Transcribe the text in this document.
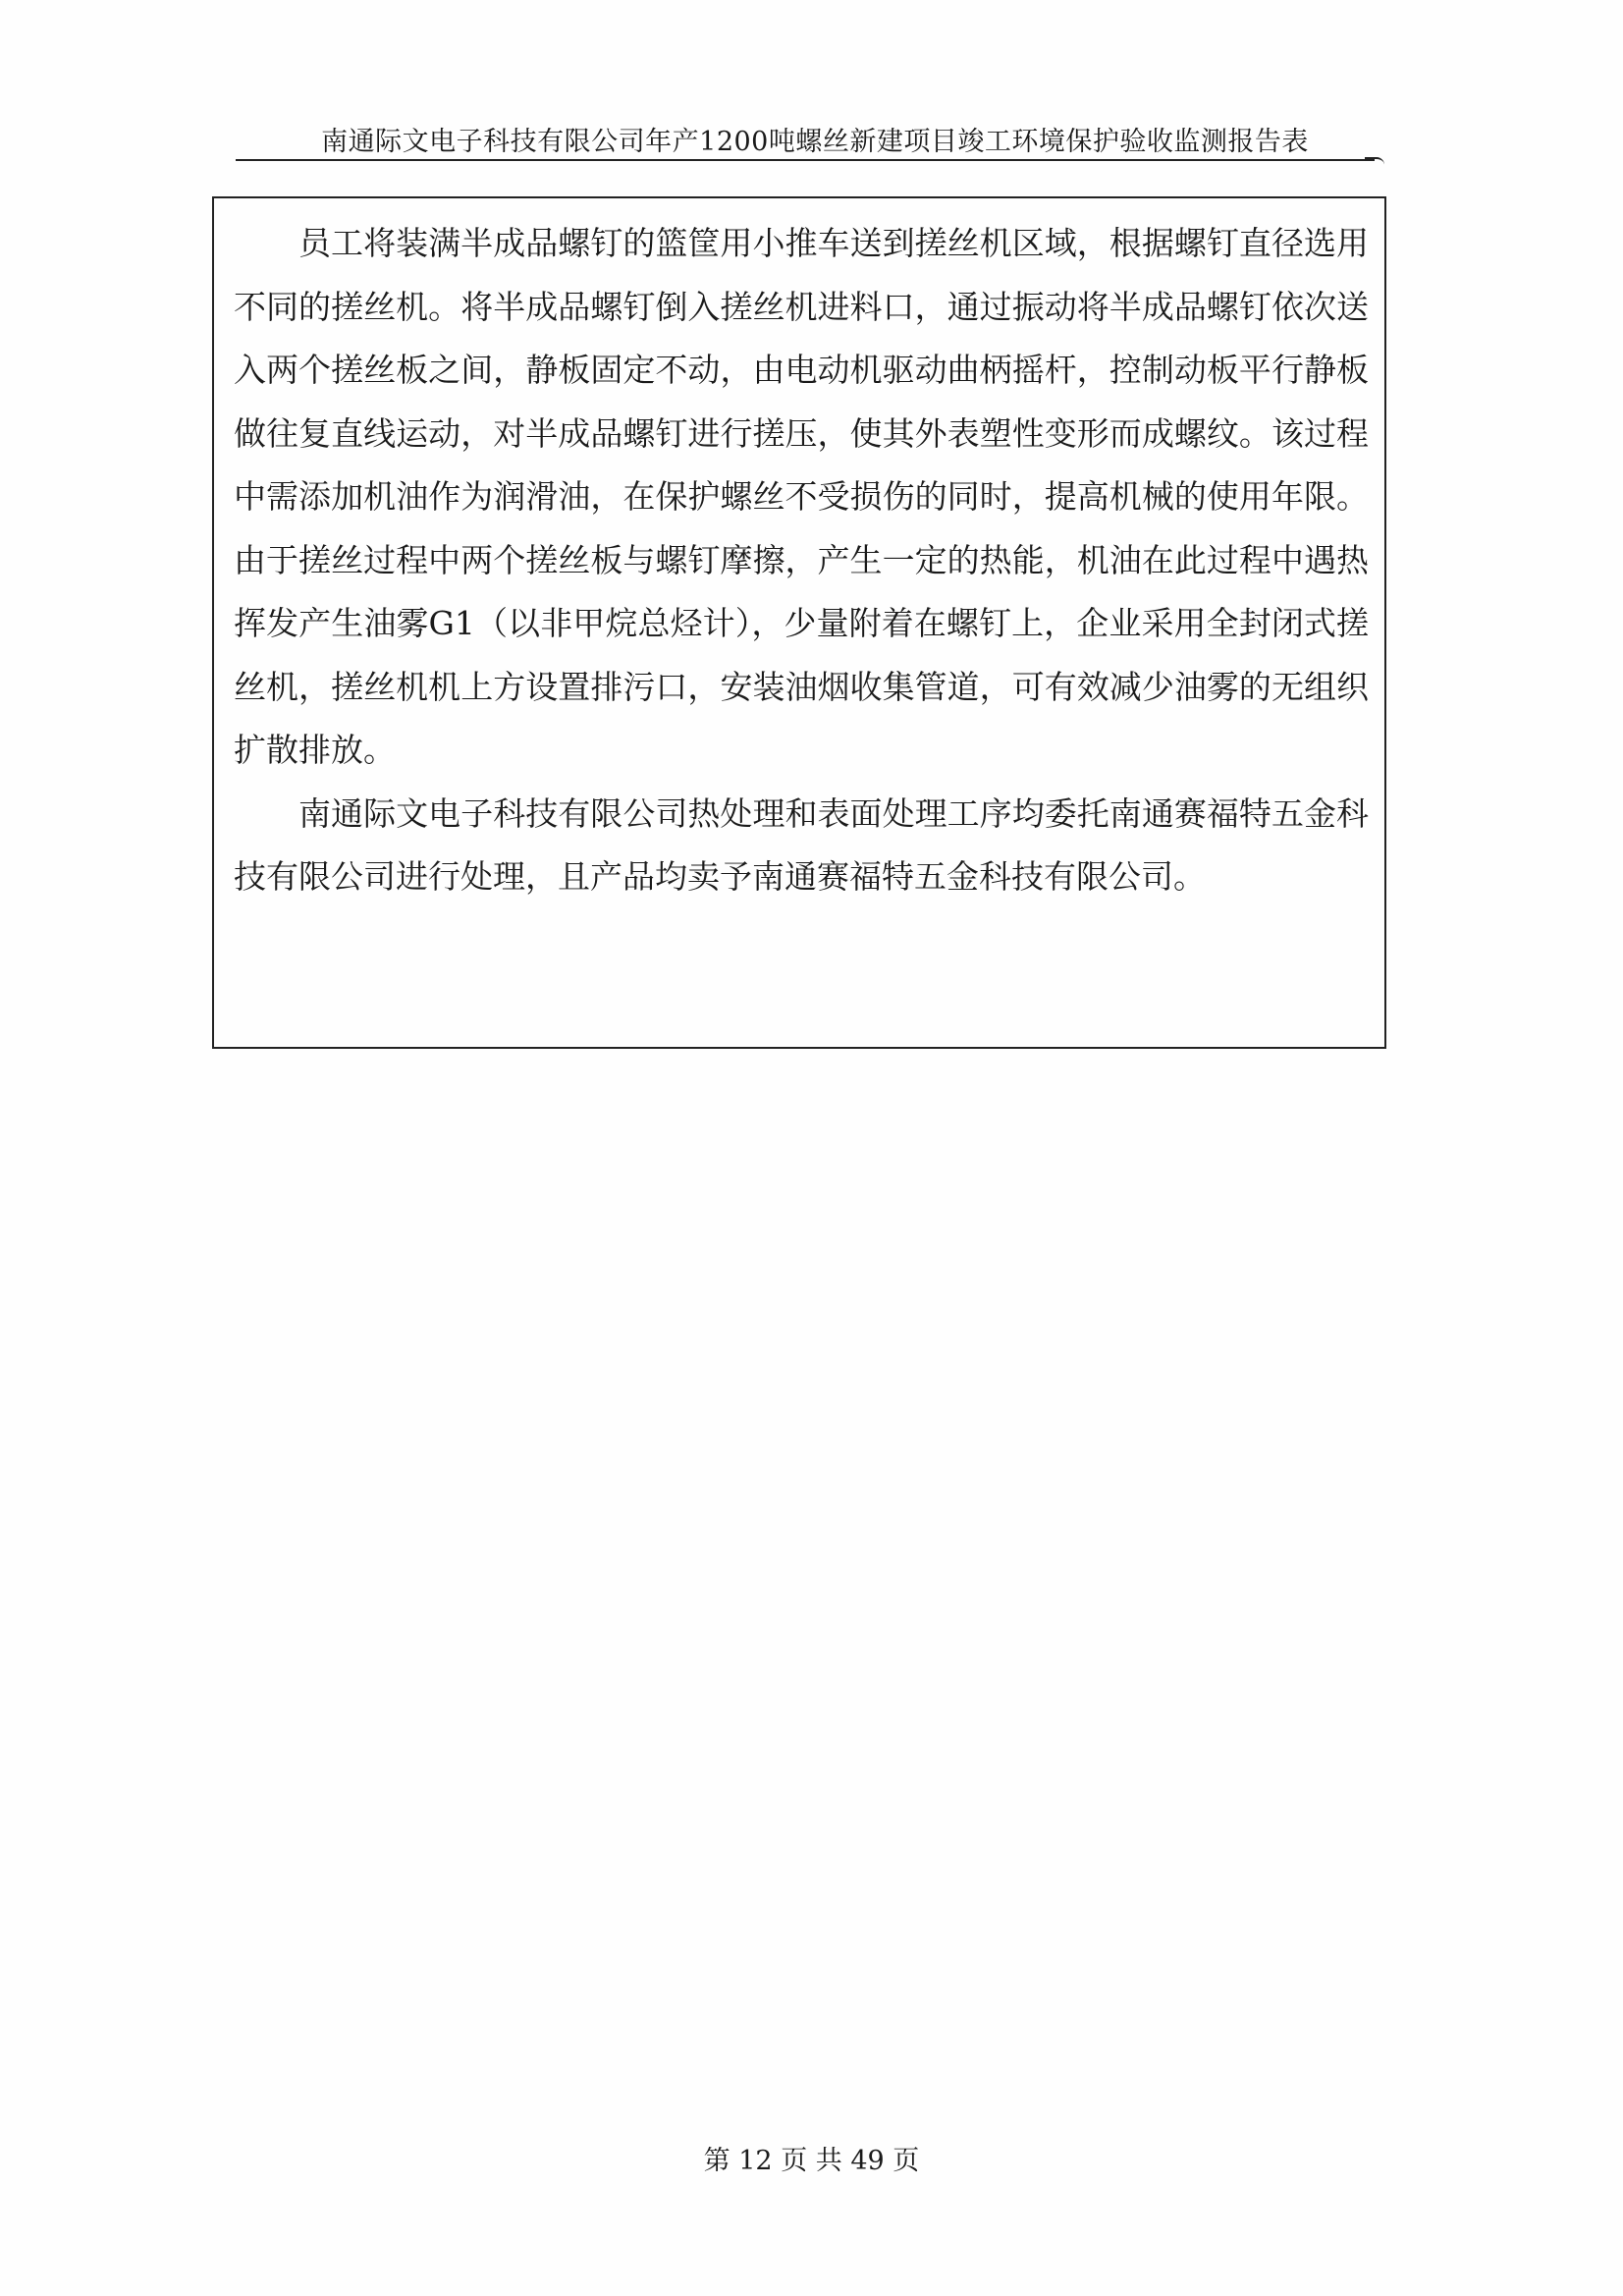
南通际文电子科技有限公司年产1200吨螺丝新建项目竣工环境保护验收监测报告表

员工将装满半成品螺钉的篮筐用小推车送到搓丝机区域，根据螺钉直径选用不同的搓丝机。将半成品螺钉倒入搓丝机进料口，通过振动将半成品螺钉依次送入两个搓丝板之间，静板固定不动，由电动机驱动曲柄摇杆，控制动板平行静板做往复直线运动，对半成品螺钉进行搓压，使其外表塑性变形而成螺纹。该过程中需添加机油作为润滑油，在保护螺丝不受损伤的同时，提高机械的使用年限。由于搓丝过程中两个搓丝板与螺钉摩擦，产生一定的热能，机油在此过程中遇热挥发产生油雾G1（以非甲烷总烃计），少量附着在螺钉上，企业采用全封闭式搓丝机，搓丝机机上方设置排污口，安装油烟收集管道，可有效减少油雾的无组织扩散排放。

南通际文电子科技有限公司热处理和表面处理工序均委托南通赛福特五金科技有限公司进行处理，且产品均卖予南通赛福特五金科技有限公司。

第 12 页 共 49 页
